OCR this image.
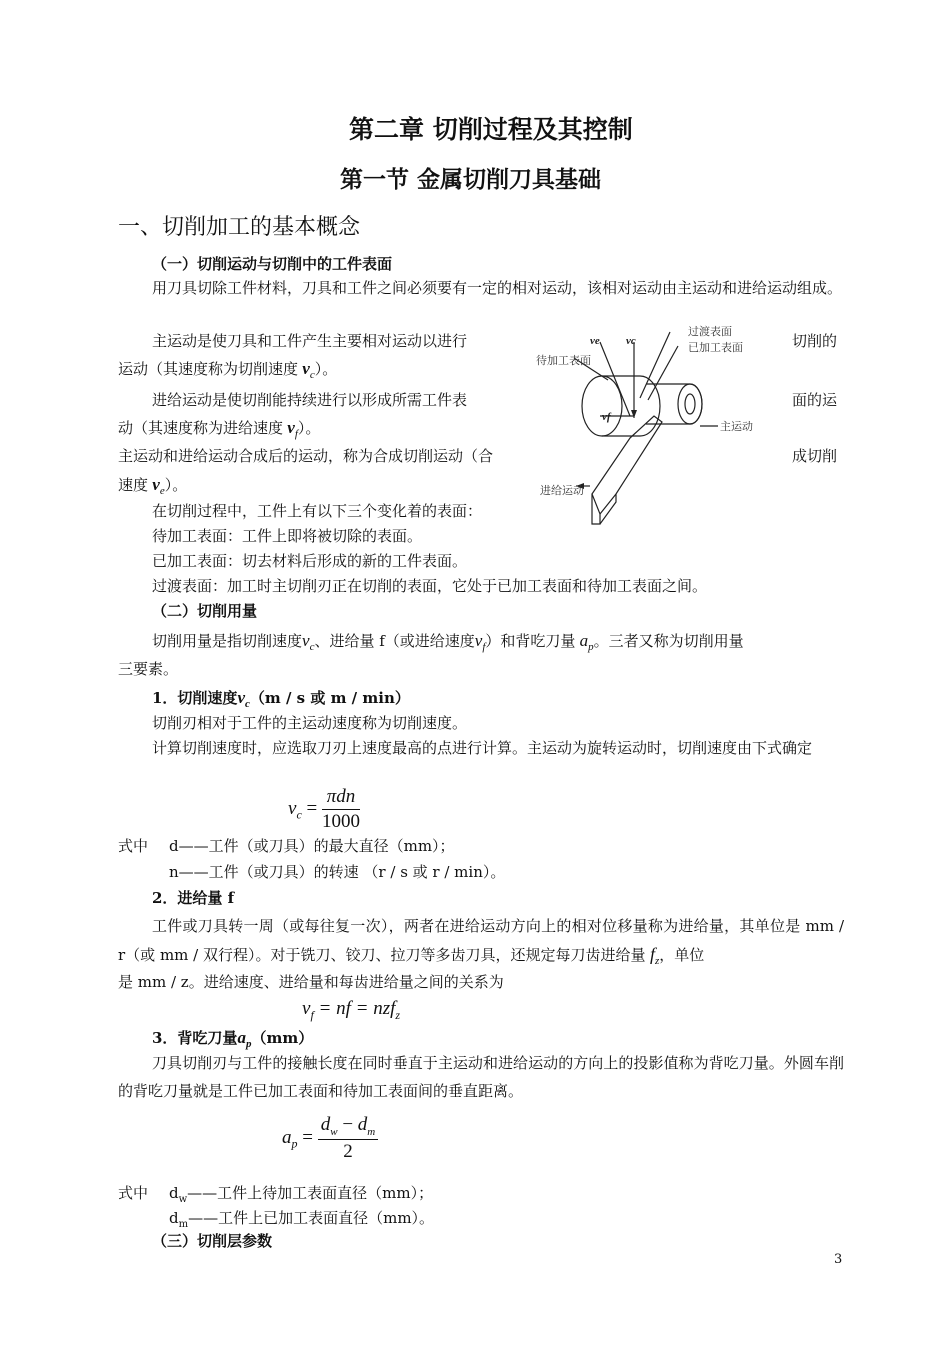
第二章 切削过程及其控制
第一节 金属切削刀具基础
一、切削加工的基本概念
（一）切削运动与切削中的工件表面
用刀具切除工件材料，刀具和工件之间必须要有一定的相对运动，该相对运动由主运动和进给运动组成。
主运动是使刀具和工件产生主要相对运动以进行	切削的
运动（其速度称为切削速度 $v_c$）。
进给运动是使切削能持续进行以形成所需工件表	面的运
动（其速度称为进给速度 $v_f$）。
主运动和进给运动合成后的运动，称为合成切削运动（合	成切削
速度 $v_e$）。
在切削过程中，工件上有以下三个变化着的表面：
待加工表面：工件上即将被切除的表面。
已加工表面：切去材料后形成的新的工件表面。
过渡表面：加工时主切削刃正在切削的表面，它处于已加工表面和待加工表面之间。
过渡表面
已加工表面
待加工表面
主运动
进给运动
ve vc
vf
（二）切削用量
切削用量是指切削速度$v_c$、进给量 f（或进给速度$v_f$）和背吃刀量 $a_p$。三者又称为切削用量
三要素。
1．切削速度$v_c(m$ / s 或 m / min）
切削刃相对于工件的主运动速度称为切削速度。
计算切削速度时，应选取刀刃上速度最高的点进行计算。主运动为旋转运动时，切削速度由下式确定
$v_c = \frac{\text{πdn}}{1000}$
式中 d——工件（或刀具）的最大直径（mm）；
n——工件（或刀具）的转速 （r / s 或 r / min）。
2．进给量 f
工件或刀具转一周（或每往复一次），两者在进给运动方向上的相对位移量称为进给量，其单位是 mm / r（或 mm / 双行程）。对于铣刀、铰刀、拉刀等多齿刀具，还规定每刀齿进给量 $f_z$，单位
是 mm / z。进给速度、进给量和每齿进给量之间的关系为
$v_f$ = nf = nzf$_z$
3．背吃刀量$a_p(mm)$
刀具切削刃与工件的接触长度在同时垂直于主运动和进给运动的方向上的投影值称为背吃刀量。外圆车削的背吃刀量就是工件已加工表面和待加工表面间的垂直距离。
$a_p = \frac{d_w - d_m}{2}$
式中 $d_w——$工件上待加工表面直径（mm）；
$d_m——$工件上已加工表面直径（mm）。
（三）切削层参数
3
